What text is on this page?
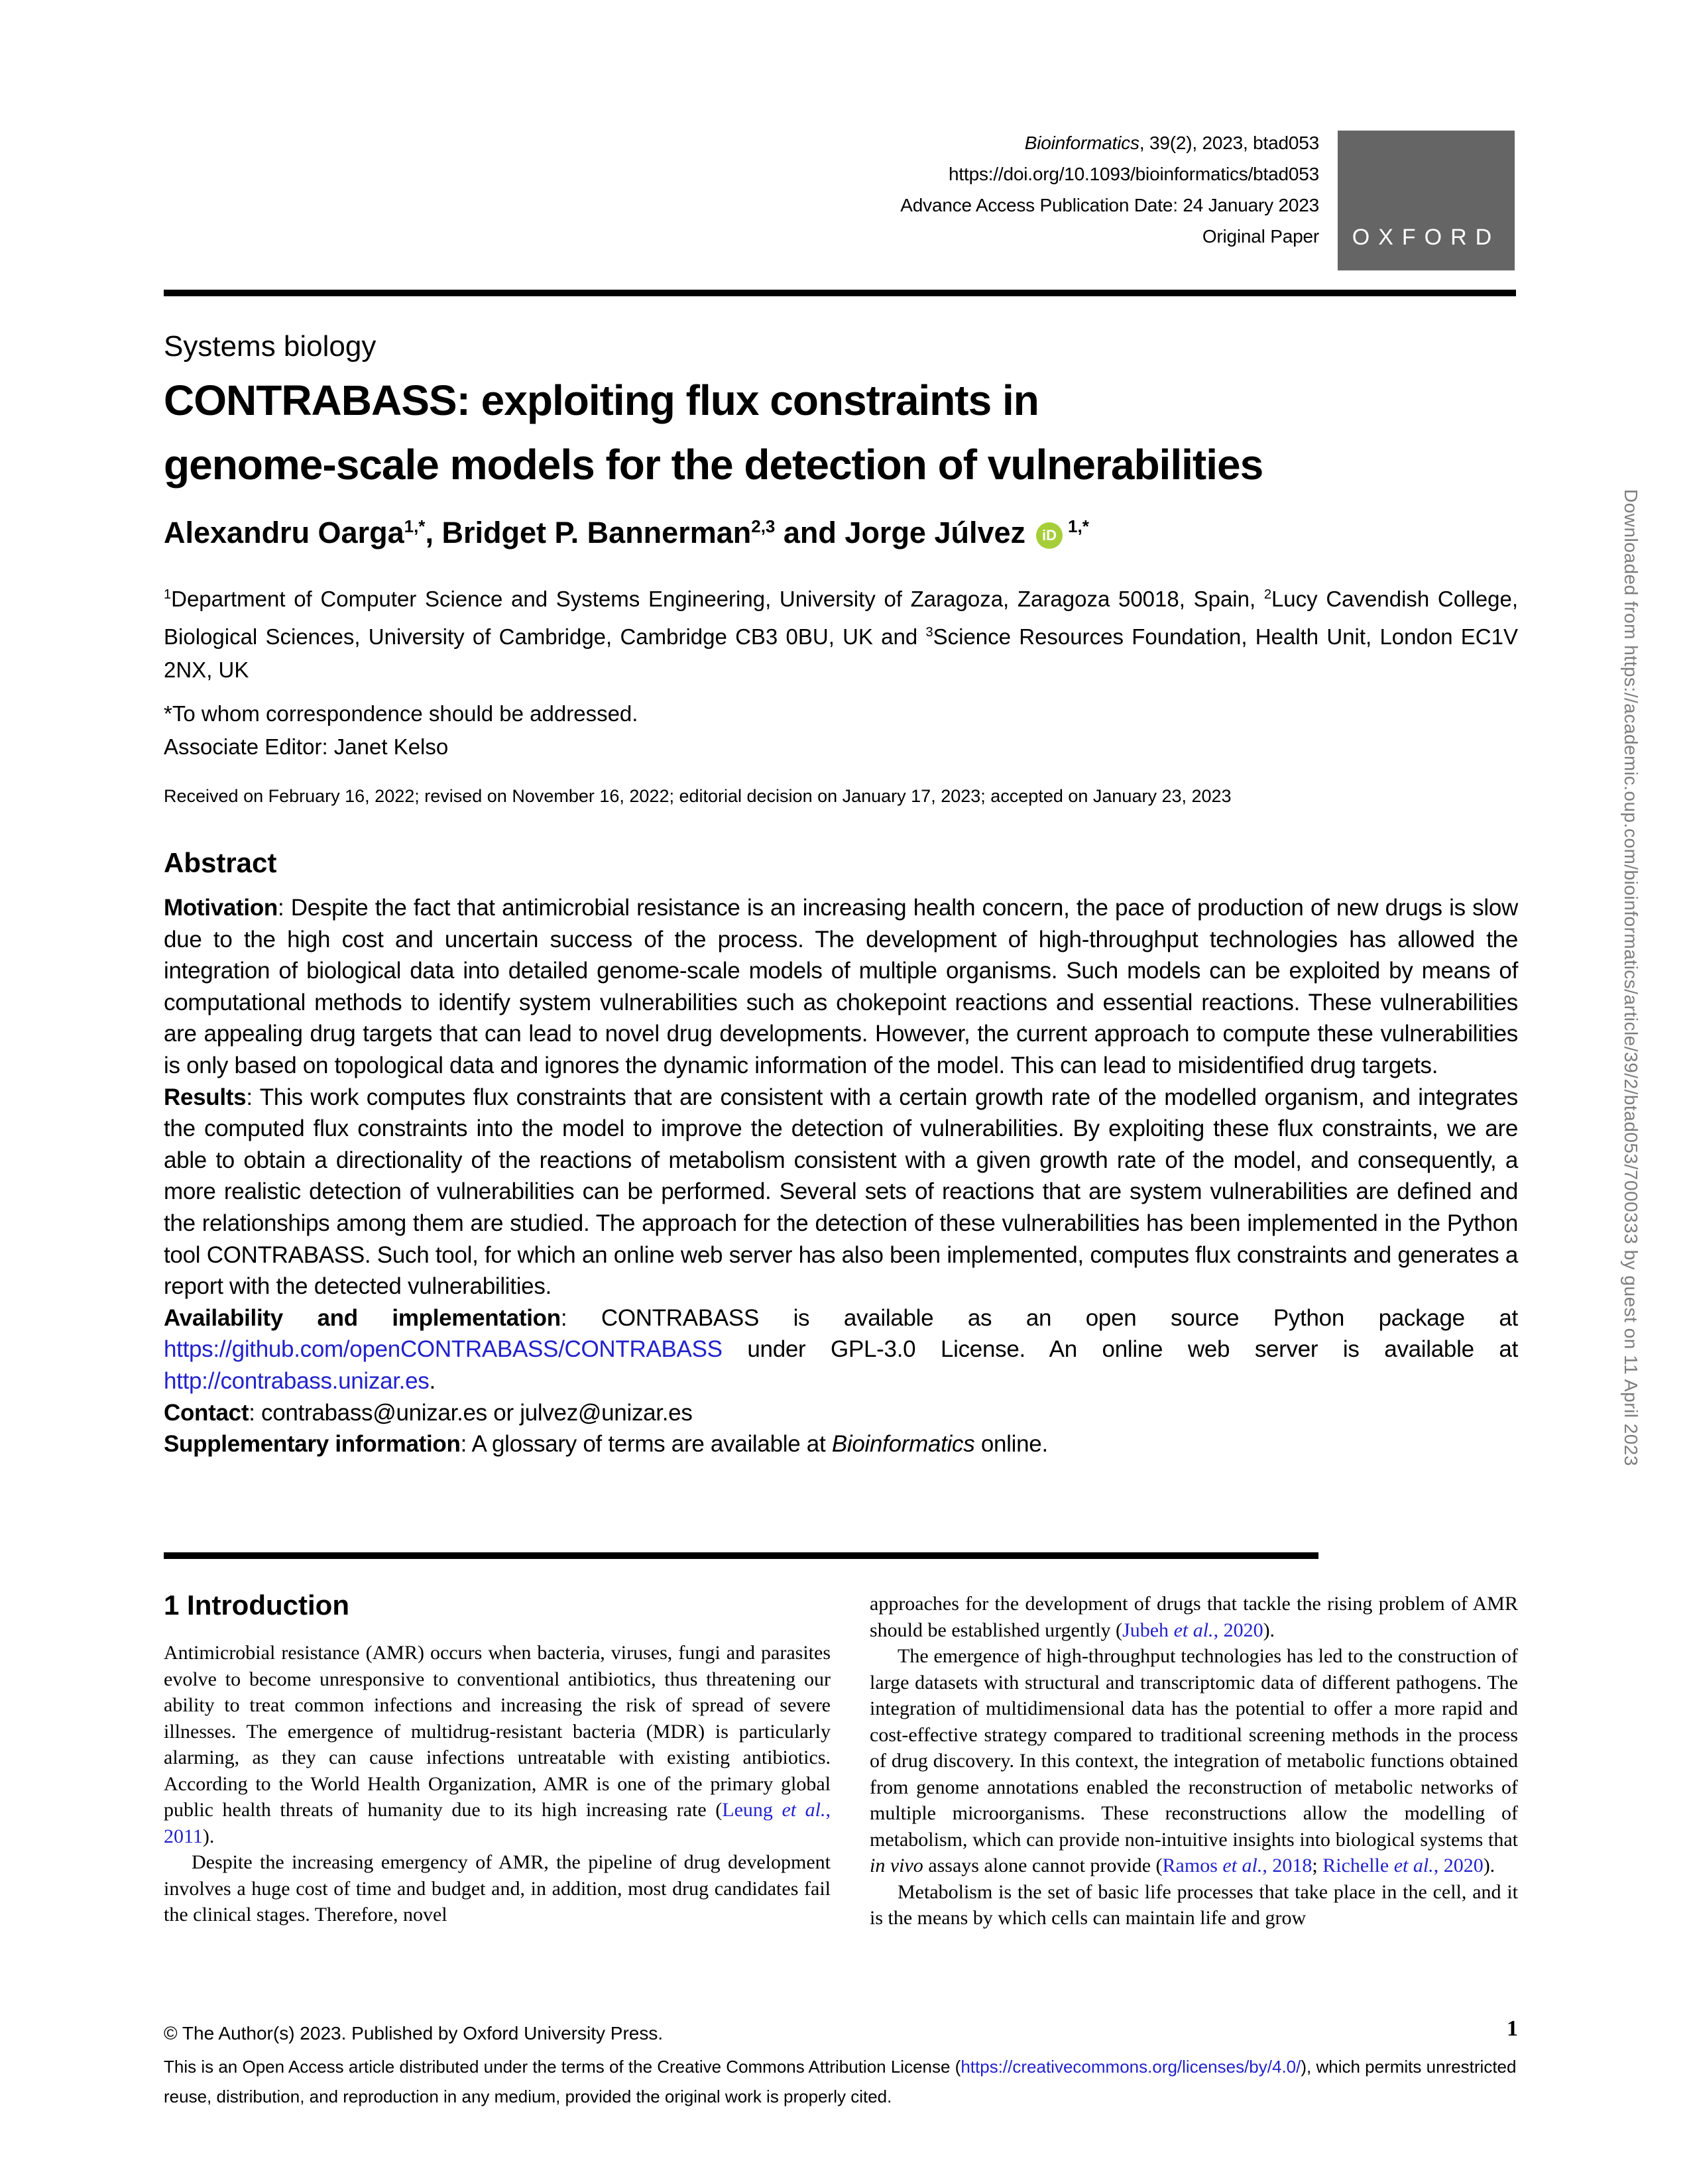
Bioinformatics, 39(2), 2023, btad053
https://doi.org/10.1093/bioinformatics/btad053
Advance Access Publication Date: 24 January 2023
Original Paper OXFORD
Systems biology
CONTRABASS: exploiting flux constraints in
genome-scale models for the detection of vulnerabilities
Alexandru Oarga$^{1,*}$, Bridget P. Bannerman$^{2,3}$ and Jorge Júlvez iD $^{1,*}$
$^1$Department of Computer Science and Systems Engineering, University of Zaragoza, Zaragoza 50018, Spain, $^2$Lucy Cavendish College, Biological Sciences, University of Cambridge, Cambridge CB3 0BU, UK and $^3$Science Resources Foundation, Health Unit, London EC1V 2NX, UK
*To whom correspondence should be addressed.
Associate Editor: Janet Kelso
Received on February 16, 2022; revised on November 16, 2022; editorial decision on January 17, 2023; accepted on January 23, 2023
Abstract

Motivation: Despite the fact that antimicrobial resistance is an increasing health concern, the pace of production of new drugs is slow due to the high cost and uncertain success of the process. The development of high-throughput technologies has allowed the integration of biological data into detailed genome-scale models of multiple organisms. Such models can be exploited by means of computational methods to identify system vulnerabilities such as chokepoint reactions and essential reactions. These vulnerabilities are appealing drug targets that can lead to novel drug developments. However, the current approach to compute these vulnerabilities is only based on topological data and ignores the dynamic information of the model. This can lead to misidentified drug targets.

Results: This work computes flux constraints that are consistent with a certain growth rate of the modelled organism, and integrates the computed flux constraints into the model to improve the detection of vulnerabilities. By exploiting these flux constraints, we are able to obtain a directionality of the reactions of metabolism consistent with a given growth rate of the model, and consequently, a more realistic detection of vulnerabilities can be performed. Several sets of reactions that are system vulnerabilities are defined and the relationships among them are studied. The approach for the detection of these vulnerabilities has been implemented in the Python tool CONTRABASS. Such tool, for which an online web server has also been implemented, computes flux constraints and generates a report with the detected vulnerabilities.

Availability and implementation: CONTRABASS is available as an open source Python package at https://github.com/openCONTRABASS/CONTRABASS under GPL-3.0 License. An online web server is available at http://contrabass.unizar.es.

Contact: contrabass@unizar.es or julvez@unizar.es

Supplementary information: A glossary of terms are available at Bioinformatics online.

1 Introduction

Antimicrobial resistance (AMR) occurs when bacteria, viruses, fungi and parasites evolve to become unresponsive to conventional antibiotics, thus threatening our ability to treat common infections and increasing the risk of spread of severe illnesses. The emergence of multidrug-resistant bacteria (MDR) is particularly alarming, as they can cause infections untreatable with existing antibiotics. According to the World Health Organization, AMR is one of the primary global public health threats of humanity due to its high increasing rate (Leung et al., 2011).

Despite the increasing emergency of AMR, the pipeline of drug development involves a huge cost of time and budget and, in addition, most drug candidates fail the clinical stages. Therefore, novel

approaches for the development of drugs that tackle the rising problem of AMR should be established urgently (Jubeh et al., 2020).

The emergence of high-throughput technologies has led to the construction of large datasets with structural and transcriptomic data of different pathogens. The integration of multidimensional data has the potential to offer a more rapid and cost-effective strategy compared to traditional screening methods in the process of drug discovery. In this context, the integration of metabolic functions obtained from genome annotations enabled the reconstruction of metabolic networks of multiple microorganisms. These reconstructions allow the modelling of metabolism, which can provide non-intuitive insights into biological systems that in vivo assays alone cannot provide (Ramos et al., 2018; Richelle et al., 2020).

Metabolism is the set of basic life processes that take place in the cell, and it is the means by which cells can maintain life and grow

© The Author(s) 2023. Published by Oxford University Press.	1
This is an Open Access article distributed under the terms of the Creative Commons Attribution License (https://creativecommons.org/licenses/by/4.0/), which permits unrestricted reuse, distribution, and reproduction in any medium, provided the original work is properly cited.
Downloaded from https://academic.oup.com/bioinformatics/article/39/2/btad053/7000333 by guest on 11 April 2023
